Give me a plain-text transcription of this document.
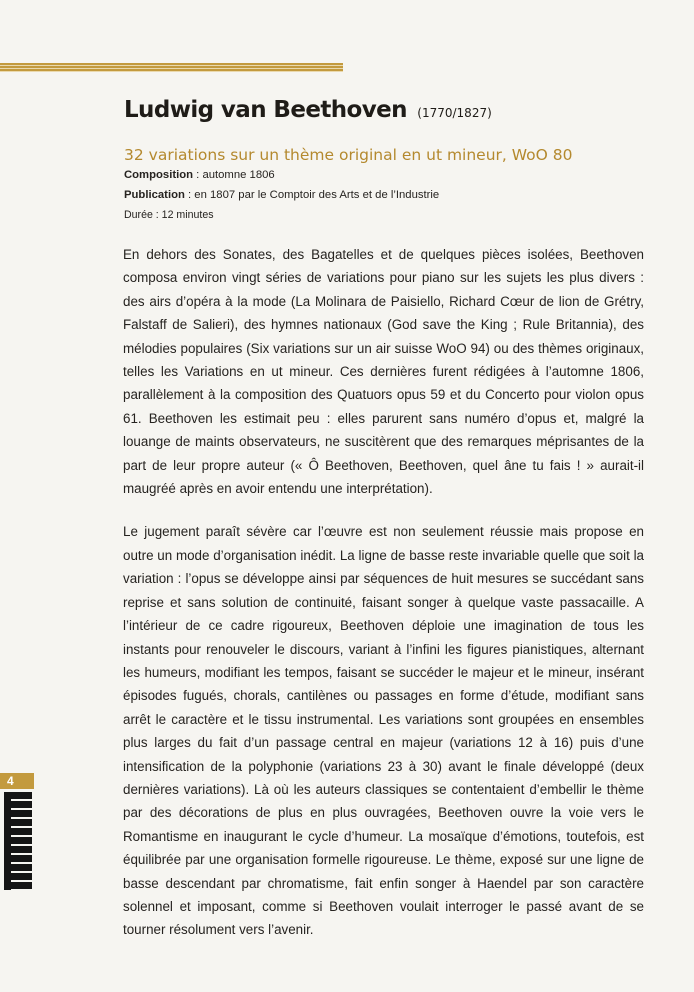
Ludwig van Beethoven (1770/1827)
32 variations sur un thème original en ut mineur, WoO 80
Composition : automne 1806
Publication : en 1807 par le Comptoir des Arts et de l’Industrie
Durée : 12 minutes

En dehors des Sonates, des Bagatelles et de quelques pièces isolées, Beethoven composa environ vingt séries de variations pour piano sur les sujets les plus divers : des airs d’opéra à la mode (La Molinara de Paisiello, Richard Cœur de lion de Grétry, Falstaff de Salieri), des hymnes nationaux (God save the King ; Rule Britannia), des mélodies populaires (Six variations sur un air suisse WoO 94) ou des thèmes originaux, telles les Variations en ut mineur. Ces dernières furent rédigées à l’automne 1806, parallèlement à la composition des Quatuors opus 59 et du Concerto pour violon opus 61. Beethoven les estimait peu : elles parurent sans numéro d’opus et, malgré la louange de maints observateurs, ne suscitèrent que des remarques méprisantes de la part de leur propre auteur (« Ô Beethoven, Beethoven, quel âne tu fais ! » aurait-il maugréé après en avoir entendu une interprétation).

Le jugement paraît sévère car l’œuvre est non seulement réussie mais propose en outre un mode d’organisation inédit. La ligne de basse reste invariable quelle que soit la variation : l’opus se développe ainsi par séquences de huit mesures se succédant sans reprise et sans solution de continuité, faisant songer à quelque vaste passacaille. A l’intérieur de ce cadre rigoureux, Beethoven déploie une imagination de tous les instants pour renouveler le discours, variant à l’infini les figures pianistiques, alternant les humeurs, modifiant les tempos, faisant se succéder le majeur et le mineur, insérant épisodes fugués, chorals, cantilènes ou passages en forme d’étude, modifiant sans arrêt le caractère et le tissu instrumental. Les variations sont groupées en ensembles plus larges du fait d’un passage central en majeur (variations 12 à 16) puis d’une intensification de la polyphonie (variations 23 à 30) avant le finale développé (deux dernières variations). Là où les auteurs classiques se contentaient d’embellir le thème par des décorations de plus en plus ouvragées, Beethoven ouvre la voie vers le Romantisme en inaugurant le cycle d’humeur. La mosaïque d’émotions, toutefois, est équilibrée par une organisation formelle rigoureuse. Le thème, exposé sur une ligne de basse descendant par chromatisme, fait enfin songer à Haendel par son caractère solennel et imposant, comme si Beethoven voulait interroger le passé avant de se tourner résolument vers l’avenir.

4
